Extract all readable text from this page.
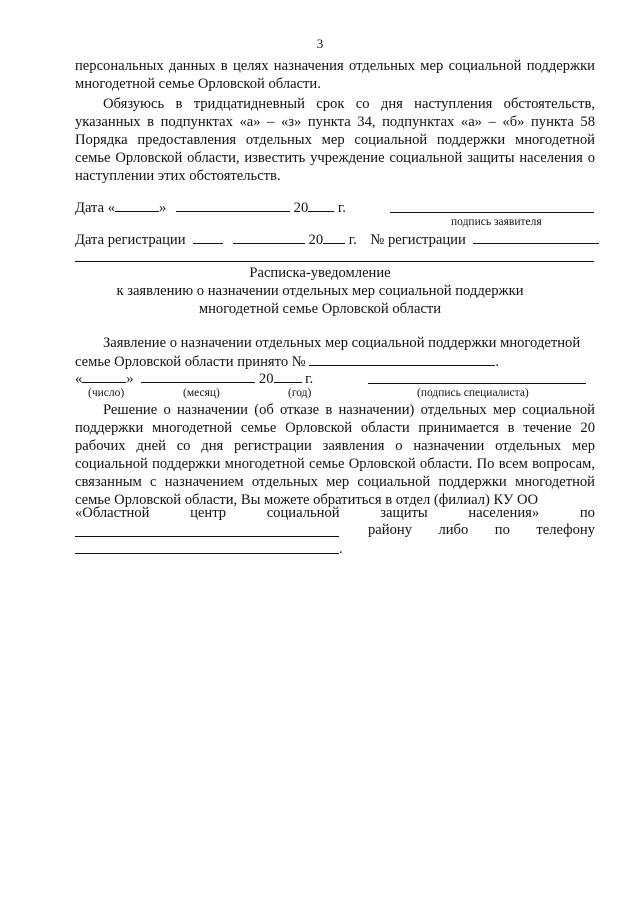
3
персональных данных в целях назначения отдельных мер социальной поддержки многодетной семье Орловской области.
Обязуюсь в тридцатидневный срок со дня наступления обстоятельств, указанных в подпунктах «а» – «з» пункта 34, подпунктах «а» – «б» пункта 58 Порядка предоставления отдельных мер социальной поддержки многодетной семье Орловской области, известить учреждение социальной защиты населения о наступлении этих обстоятельств.
Дата «	»	20 г.
подпись заявителя
Дата регистрации	20 г. № регистрации
Расписка-уведомление
к заявлению о назначении отдельных мер социальной поддержки
многодетной семье Орловской области
Заявление о назначении отдельных мер социальной поддержки многодетной
семье Орловской области принято №	.
«	»	20 г.
(число)	(месяц)	(год)	(подпись специалиста)
Решение о назначении (об отказе в назначении) отдельных мер социальной поддержки многодетной семье Орловской области принимается в течение 20 рабочих дней со дня регистрации заявления о назначении отдельных мер социальной поддержки многодетной семье Орловской области. По всем вопросам, связанным с назначением отдельных мер социальной поддержки многодетной семье Орловской области, Вы можете обратиться в отдел (филиал) КУ ОО
«Областной	центр	социальной	защиты	населения»	по
району либо по телефону
.
